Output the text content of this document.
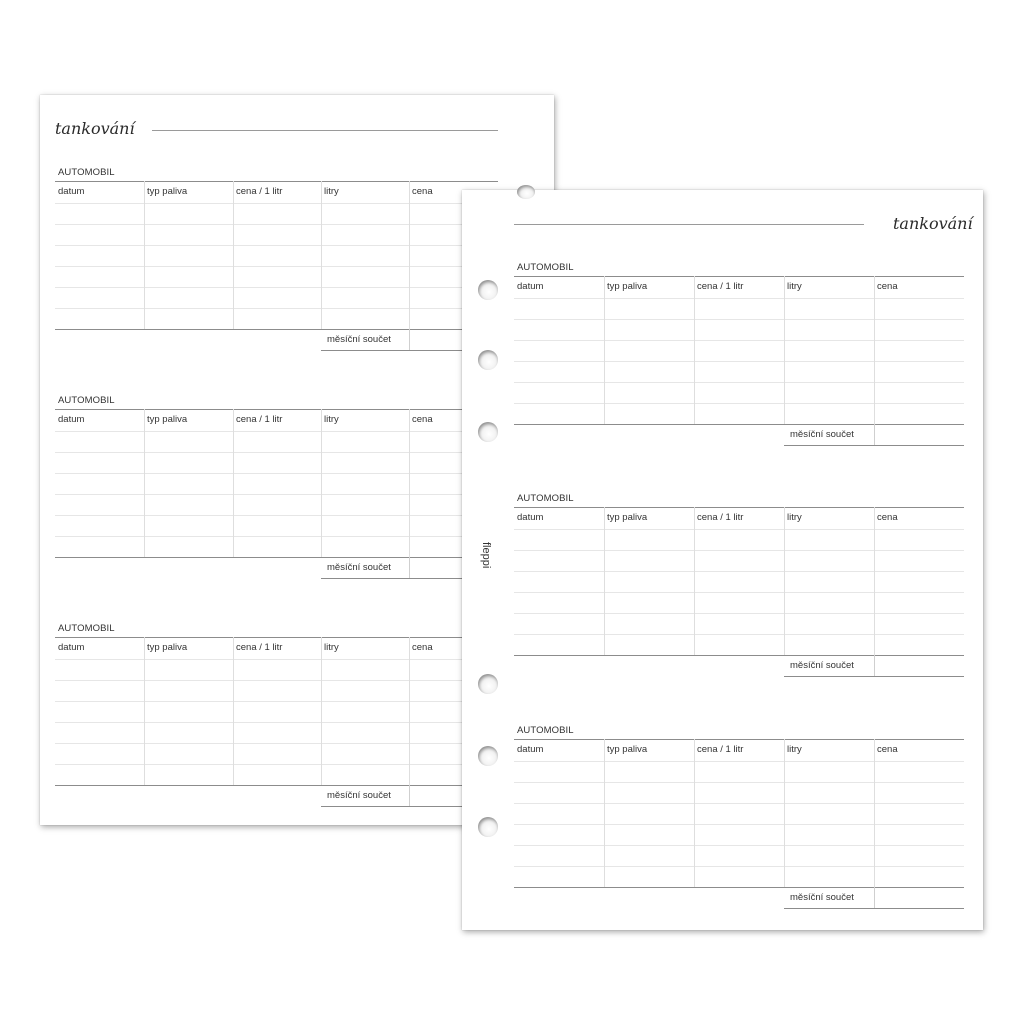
tankování
AUTOMOBIL
datum	typ paliva	cena / 1 litr	litry	cena
měsíční součet
AUTOMOBIL
datum	typ paliva	cena / 1 litr	litry	cena
měsíční součet
AUTOMOBIL
datum	typ paliva	cena / 1 litr	litry	cena
měsíční součet
tankování
fleppi
AUTOMOBIL
datum	typ paliva	cena / 1 litr	litry	cena
měsíční součet
AUTOMOBIL
datum	typ paliva	cena / 1 litr	litry	cena
měsíční součet
AUTOMOBIL
datum	typ paliva	cena / 1 litr	litry	cena
měsíční součet
